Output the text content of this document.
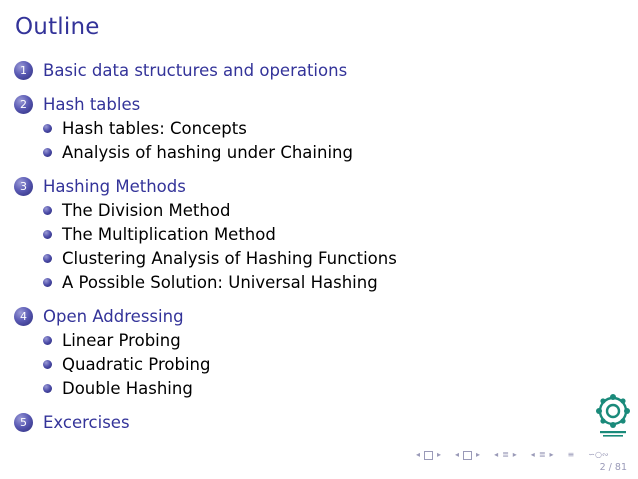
Outline
1 Basic data structures and operations
2 Hash tables
Hash tables: Concepts
Analysis of hashing under Chaining
3 Hashing Methods
The Division Method
The Multiplication Method
Clustering Analysis of Hashing Functions
A Possible Solution: Universal Hashing
4 Open Addressing
Linear Probing
Quadratic Probing
Double Hashing
5 Excercises
◂ ▸ ◂ ▸ ◂ ≣ ▸ ◂ ≣ ▸ ≡ ∽○∾
2 / 81
